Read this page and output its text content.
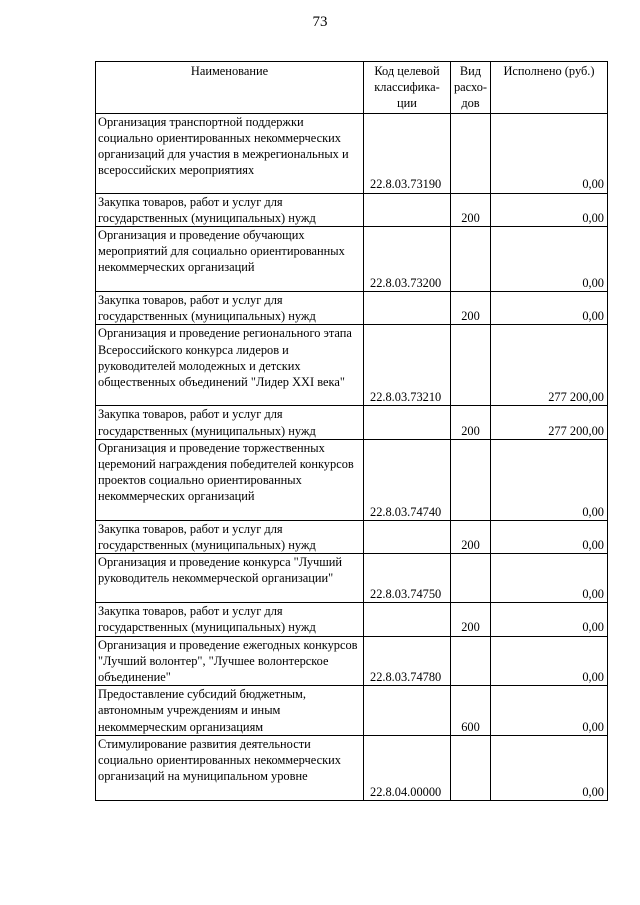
73
Наименование	Код целевой классифика-ции	Вид расхо-дов	Исполнено (руб.)
Организация транспортной поддержки социально ориентированных некоммерческих организаций для участия в межрегиональных и всероссийских мероприятиях	22.8.03.73190		0,00
Закупка товаров, работ и услуг для государственных (муниципальных) нужд		200	0,00
Организация и проведение обучающих мероприятий для социально ориентированных некоммерческих организаций	22.8.03.73200		0,00
Закупка товаров, работ и услуг для государственных (муниципальных) нужд		200	0,00
Организация и проведение регионального этапа Всероссийского конкурса лидеров и руководителей молодежных и детских общественных объединений "Лидер XXI века"	22.8.03.73210		277 200,00
Закупка товаров, работ и услуг для государственных (муниципальных) нужд		200	277 200,00
Организация и проведение торжественных церемоний награждения победителей конкурсов проектов социально ориентированных некоммерческих организаций	22.8.03.74740		0,00
Закупка товаров, работ и услуг для государственных (муниципальных) нужд		200	0,00
Организация и проведение конкурса "Лучший руководитель некоммерческой организации"	22.8.03.74750		0,00
Закупка товаров, работ и услуг для государственных (муниципальных) нужд		200	0,00
Организация и проведение ежегодных конкурсов "Лучший волонтер", "Лучшее волонтерское объединение"	22.8.03.74780		0,00
Предоставление субсидий бюджетным, автономным учреждениям и иным некоммерческим организациям		600	0,00
Стимулирование развития деятельности социально ориентированных некоммерческих организаций на муниципальном уровне	22.8.04.00000		0,00
